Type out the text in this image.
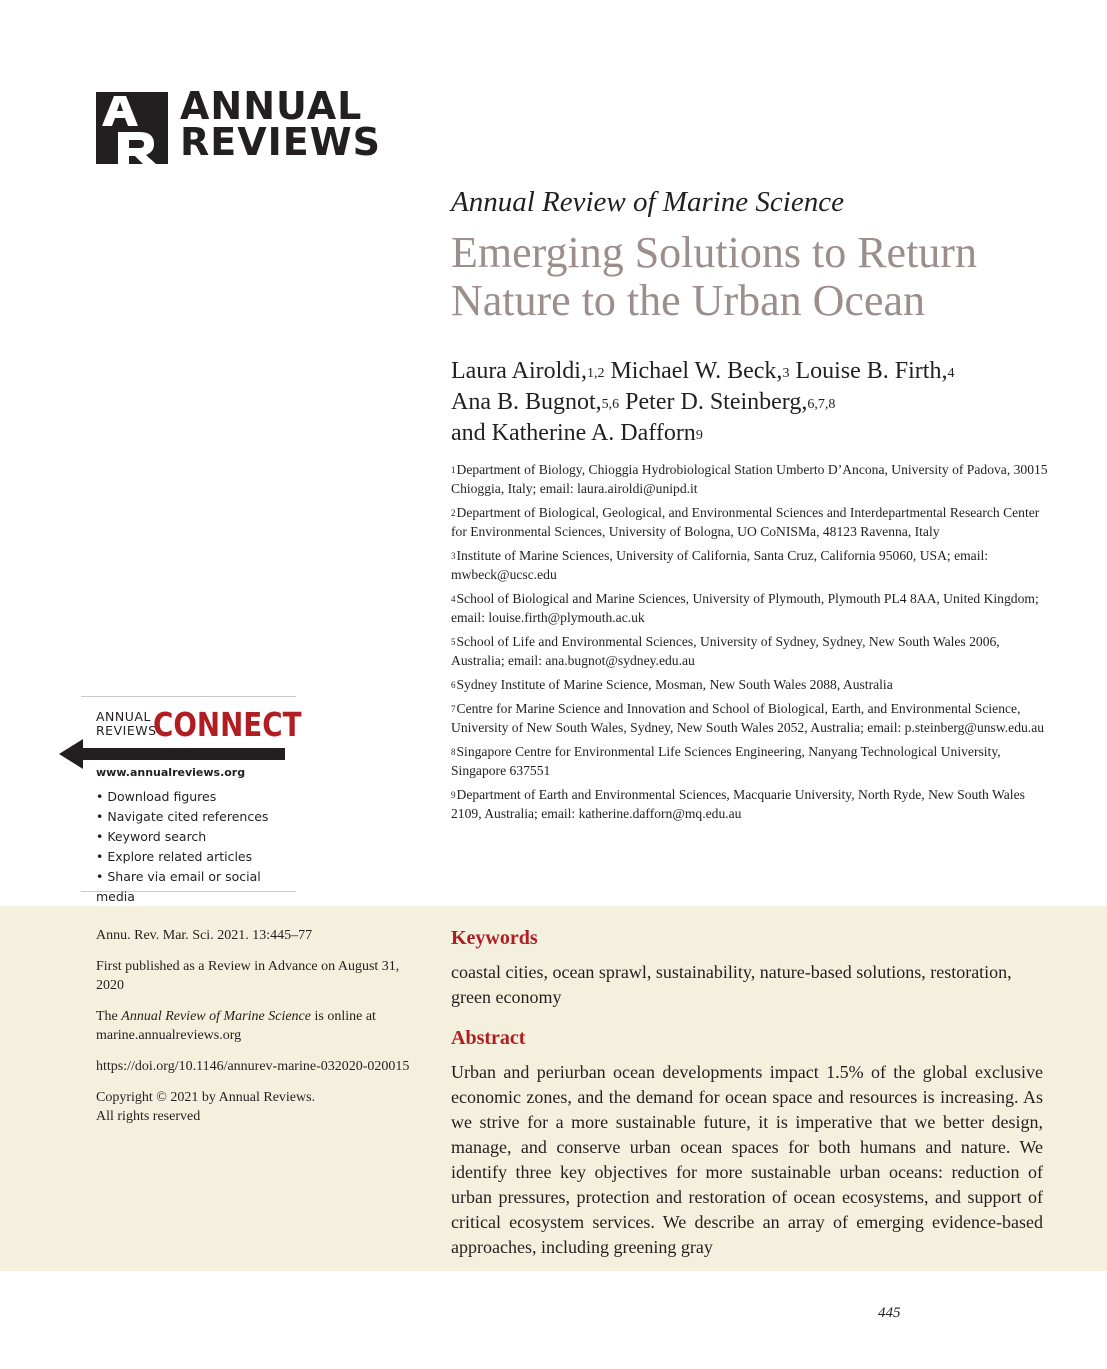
ANNUAL
REVIEWS
Annual Review of Marine Science
Emerging Solutions to Return
Nature to the Urban Ocean
Laura Airoldi,$^{1,2}$ Michael W. Beck,$^3$ Louise B. Firth,$^4$
Ana B. Bugnot,$^{5,6}$ Peter D. Steinberg,$^{6,7,8}$
and Katherine A. Dafforn$^9$
$^1$Department of Biology, Chioggia Hydrobiological Station Umberto D’Ancona, University of Padova, 30015 Chioggia, Italy; email: laura.airoldi@unipd.it
$^2$Department of Biological, Geological, and Environmental Sciences and Interdepartmental Research Center for Environmental Sciences, University of Bologna, UO CoNISMa, 48123 Ravenna, Italy
$^3$Institute of Marine Sciences, University of California, Santa Cruz, California 95060, USA; email: mwbeck@ucsc.edu
$^4$School of Biological and Marine Sciences, University of Plymouth, Plymouth PL4 8AA, United Kingdom; email: louise.firth@plymouth.ac.uk
$^5$School of Life and Environmental Sciences, University of Sydney, Sydney, New South Wales 2006, Australia; email: ana.bugnot@sydney.edu.au
$^6$Sydney Institute of Marine Science, Mosman, New South Wales 2088, Australia
$^7$Centre for Marine Science and Innovation and School of Biological, Earth, and Environmental Science, University of New South Wales, Sydney, New South Wales 2052, Australia; email: p.steinberg@unsw.edu.au
$^8$Singapore Centre for Environmental Life Sciences Engineering, Nanyang Technological University, Singapore 637551
$^9$Department of Earth and Environmental Sciences, Macquarie University, North Ryde, New South Wales 2109, Australia; email: katherine.dafforn@mq.edu.au
ANNUAL
REVIEWS
CONNECT
www.annualreviews.org
• Download figures
• Navigate cited references
• Keyword search
• Explore related articles
• Share via email or social media

Annu. Rev. Mar. Sci. 2021. 13:445–77

First published as a Review in Advance on August 31, 2020

The Annual Review of Marine Science is online at marine.annualreviews.org

https://doi.org/10.1146/annurev-marine-032020-020015

Copyright © 2021 by Annual Reviews.
All rights reserved

Keywords
coastal cities, ocean sprawl, sustainability, nature-based solutions, restoration, green economy
Abstract
Urban and periurban ocean developments impact 1.5% of the global exclusive economic zones, and the demand for ocean space and resources is increasing. As we strive for a more sustainable future, it is imperative that we better design, manage, and conserve urban ocean spaces for both humans and nature. We identify three key objectives for more sustainable urban oceans: reduction of urban pressures, protection and restoration of ocean ecosystems, and support of critical ecosystem services. We describe an array of emerging evidence-based approaches, including greening gray
445
